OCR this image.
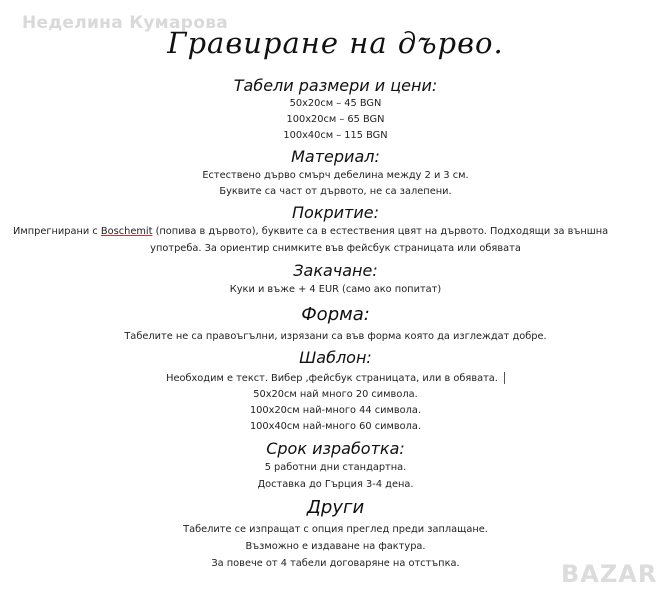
Неделина Кумарова
Гравиране на дърво.
Табели размери и цени:
50x20см – 45 BGN
100x20см – 65 BGN
100x40см – 115 BGN
Материал:
Естествено дърво смърч дебелина между 2 и 3 см.
Буквите са част от дървото, не са залепени.
Покритие:
Импрегнирани с Boschemit (попива в дървото), буквите са в естествения цвят на дървото. Подходящи за външна
употреба. За ориентир снимките във фейсбук страницата или обявата
Закачане:
Куки и въже + 4 EUR (само ако попитат)
Форма:
Табелите не са правоъгълни, изрязани са във форма която да изглеждат добре.
Шаблон:
Необходим е текст. Вибер ,фейсбук страницата, или в обявата.
50x20см най много 20 символа.
100x20см най-много 44 символа.
100x40см най-много 60 символа.
Срок изработка:
5 работни дни стандартна.
Доставка до Гърция 3-4 дена.
Други
Табелите се изпращат с опция преглед преди заплащане.
Възможно е издаване на фактура.
За повече от 4 табели договаряне на отстъпка.	BAZAR
